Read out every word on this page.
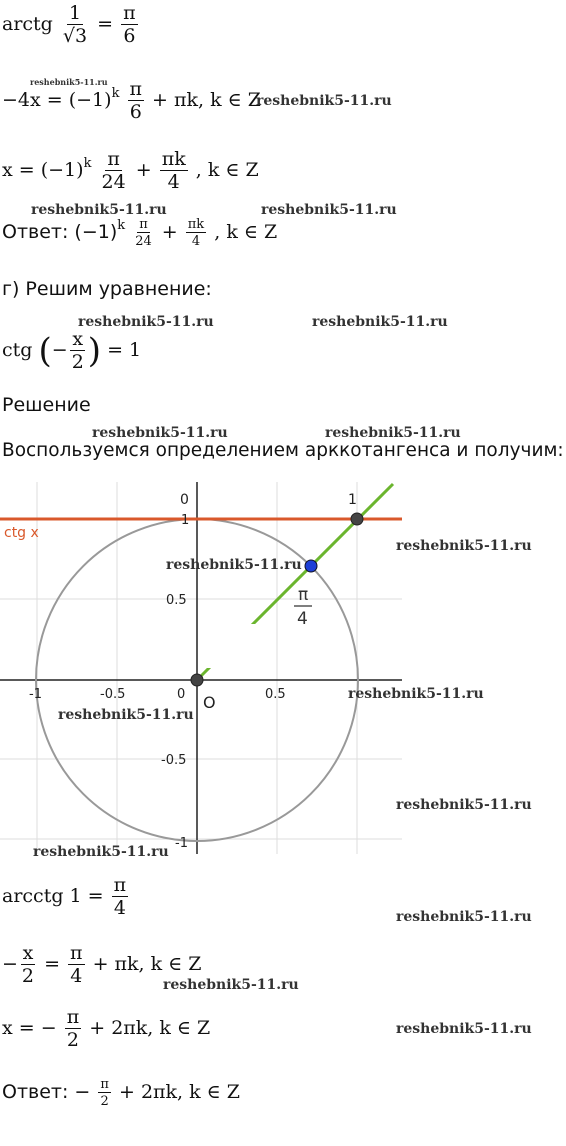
arctg $\frac{1}{√3} = \frac{\pi}{6}$
reshebnik5-11.ru
$-4x = (-1)^k \frac{\pi}{6} + \pi k$, k ∈ Z
reshebnik5-11.ru
$x = (-1)^k \frac{\pi}{24} + \frac{\pi k}{4}$ , k ∈ Z
reshebnik5-11.ru	reshebnik5-11.ru
Ответ: $(-1)^k \frac{\pi}{24} + \frac{\pi k}{4}$ , k ∈ Z
г) Решим уравнение:
reshebnik5-11.ru	reshebnik5-11.ru
ctg (− $\frac{x}{2}$ ) = 1
Решение
reshebnik5-11.ru	reshebnik5-11.ru
Воспользуемся определением арккотангенса и получим:
ctg x
-1	-0.5	0	0.5
1
0.5
-0.5
-1
0	1
O
π
4
reshebnik5-11.ru
reshebnik5-11.ru
reshebnik5-11.ru
reshebnik5-11.ru
reshebnik5-11.ru
reshebnik5-11.ru
arcctg $1 = \frac{\pi}{4}$	reshebnik5-11.ru
− $\frac{x}{2} = \frac{\pi}{4} + \pi k$, k ∈ Z
reshebnik5-11.ru
x = − $\frac{\pi}{2} + 2\pi k$, k ∈ Z	reshebnik5-11.ru
Ответ: − $\frac{\pi}{2} + 2\pi k$, k ∈ Z
